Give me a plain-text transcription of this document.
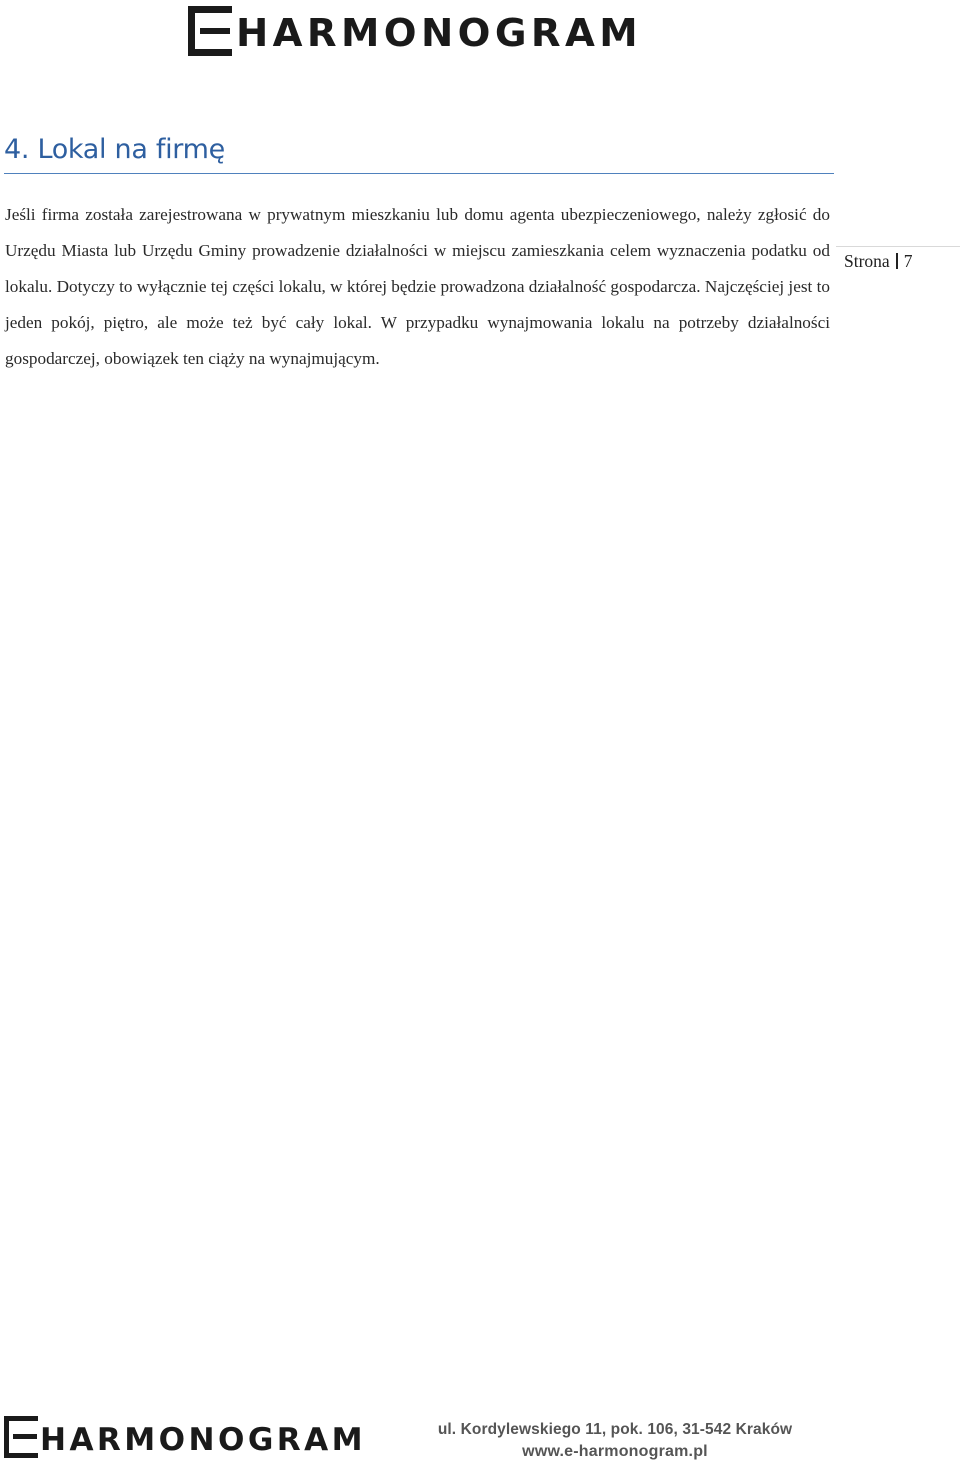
HARMONOGRAM
4. Lokal na firmę

Jeśli firma została zarejestrowana w prywatnym mieszkaniu lub domu agenta ubezpieczeniowego, należy zgłosić do Urzędu Miasta lub Urzędu Gminy prowadzenie działalności w miejscu zamieszkania celem wyznaczenia podatku od lokalu. Dotyczy to wyłącznie tej części lokalu, w której będzie prowadzona działalność gospodarcza. Najczęściej jest to jeden pokój, piętro, ale może też być cały lokal. W przypadku wynajmowania lokalu na potrzeby działalności gospodarczej, obowiązek ten ciąży na wynajmującym.

Strona 7
HARMONOGRAM	ul. Kordylewskiego 11, pok. 106, 31-542 Kraków
www.e-harmonogram.pl
